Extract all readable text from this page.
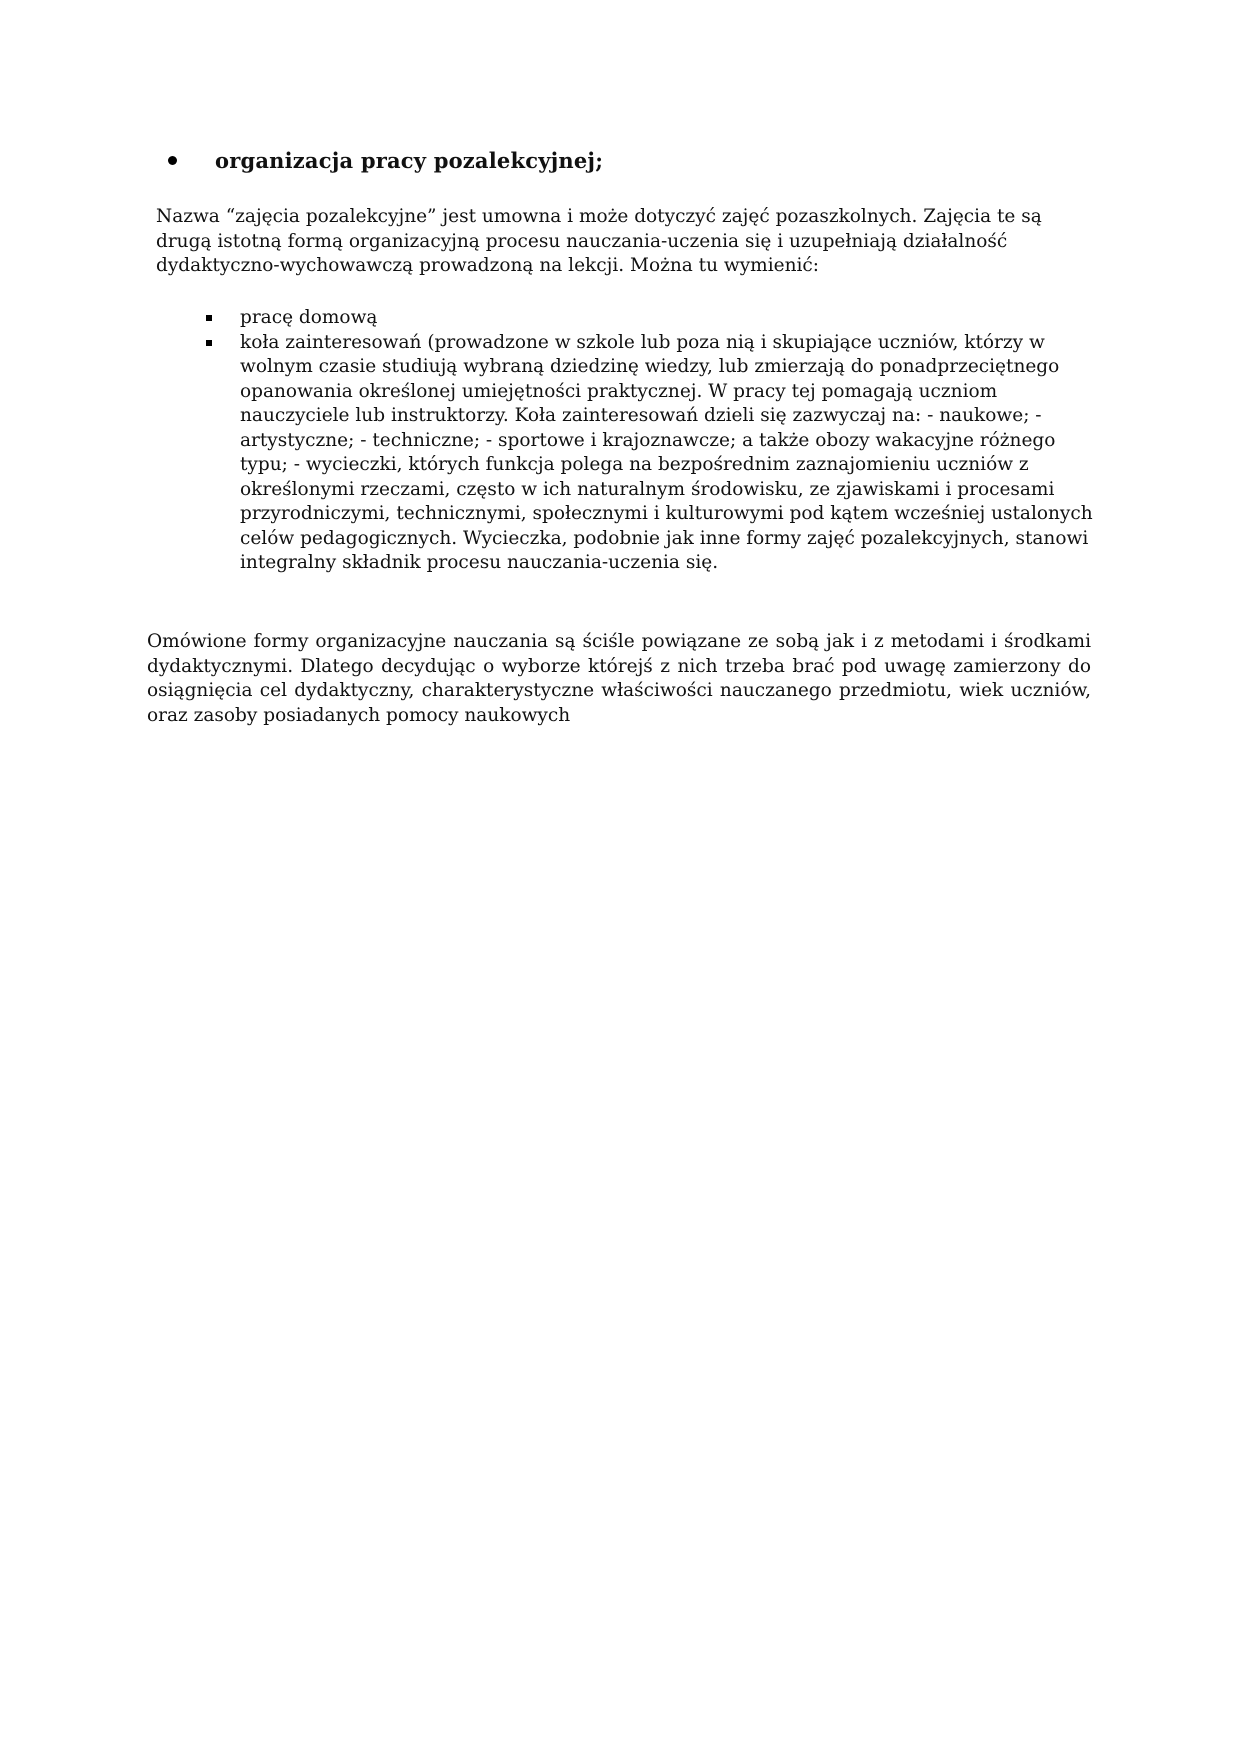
organizacja pracy pozalekcyjnej;

Nazwa “zajęcia pozalekcyjne” jest umowna i może dotyczyć zajęć pozaszkolnych. Zajęcia te są drugą istotną formą organizacyjną procesu nauczania-uczenia się i uzupełniają działalność dydaktyczno-wychowawczą prowadzoną na lekcji. Można tu wymienić:

pracę domową
koła zainteresowań (prowadzone w szkole lub poza nią i skupiające uczniów, którzy w wolnym czasie studiują wybraną dziedzinę wiedzy, lub zmierzają do ponadprzeciętnego opanowania określonej umiejętności praktycznej. W pracy tej pomagają uczniom nauczyciele lub instruktorzy. Koła zainteresowań dzieli się zazwyczaj na: - naukowe; - artystyczne; - techniczne; - sportowe i krajoznawcze; a także obozy wakacyjne różnego typu; - wycieczki, których funkcja polega na bezpośrednim zaznajomieniu uczniów z określonymi rzeczami, często w ich naturalnym środowisku, ze zjawiskami i procesami przyrodniczymi, technicznymi, społecznymi i kulturowymi pod kątem wcześniej ustalonych celów pedagogicznych. Wycieczka, podobnie jak inne formy zajęć pozalekcyjnych, stanowi integralny składnik procesu nauczania-uczenia się.

Omówione formy organizacyjne nauczania są ściśle powiązane ze sobą jak i z metodami i środkami dydaktycznymi. Dlatego decydując o wyborze którejś z nich trzeba brać pod uwagę zamierzony do osiągnięcia cel dydaktyczny, charakterystyczne właściwości nauczanego przedmiotu, wiek uczniów, oraz zasoby posiadanych pomocy naukowych
